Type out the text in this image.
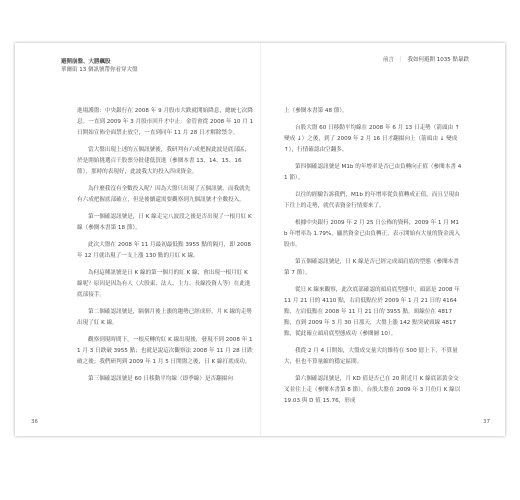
避開崩盤、大勝飆股
華爾街 13 個訊號帶你看穿大盤
前言 ｜ 我如何避開 1035 點暴跌

進場護盤：中央銀行在 2008 年 9 月股市大跌就開始降息，總統七次降息。一直到 2009 年 3 月股市回升才中止：金管會從 2008 年 10 月 1 日開始宣佈全面禁止放空，一直到同年 11 月 28 日才解除禁令。

當大盤出現上述的五個訊號後，我研判有六成把握此波是底部區，於是開始挑選百千股票分批建低買進（參閱本書 13、14、15、16 節），那時的表現好，此波我大約投入四成資金。

為什麼我沒有全數投入呢？因為大盤只出現了五個訊號，而我就先有六成把握底部確立，但是後續還需要觀察到九個訊號才全數投入。

第一個確認訊號是，日 K 線走完八波段之後是否出現了一根月紅 K 線（參閱本書第 18 節）。

此次大盤在 2008 年 11 月最初最低點 3955 點的隔月，即 2008 年 12 月就出現了一支上漲 130 點的月紅 K 線。

為何這種訊號是日 K 線的第一個月的紅 K 線，會出現一根月紅 K 線呢？原因是因為有人（大股東、法人、主力、長線投資人等）在此進底部接手。

第二個確認訊號是，隔個月後上漲的趨勢已經成形，月 K 線的走勢出現了紅 K 線。

觀察到現時間下，一根反轉的紅 K 線出現後，發現不到 2008 年 11 月 3 日跌破 3955 點；也就是說這次觀察法 2008 年 11 月 28 日跌破之後；我們研判到 2009 年 1 月 5 日開盤之後，日 K 線打底成功。

第三個確認訊號是 60 日移動平均線（即季線）是否翻揚向

上（參閱本書第 48 節）。

台股大盤 60 日移動平均線在 2008 年 6 月 13 日走勢（箭頭由 ↑ 變成 ↓）之後，到了 2009 年 2 月 16 日才翻揚向上（箭頭由 ↓ 變成 ↑），行情確認由空翻多。

第四個確認訊號是 M1b 的年增率是否已由負轉向正值（參閱本書 41 節）。

以往的經驗告訴我們，M1b 的年增率從負值轉成正值，而且呈現由下往上的走勢，就代表資金行情要來了。

根據中央銀行 2009 年 2 月 25 日公佈的資料，2009 年 1 月 M1b 年增率為 1.79%，顯然資金已由負轉正，表示開始有大量的資金流入股市。

第五個確認訊號是，日 K 線是否已經完成頭肩底的型態（參閱本書第 7 節）。

從日 K 線來觀察，此次底部確認的頭肩底型態中，頭部是 2008 年 11 月 21 日的 4110 點，右肩低點位於 2009 年 1 月 21 日的 4164 點，左肩低點在 2008 年 11 月 21 日的 3955 點。頸線位在 4817 點，直到 2009 年 3 月 30 日那天，大盤上漲 142 點突破頸線 4817 點，從此確立頭肩底型態成功（參閱圖 10）。

我從 2 月 4 日開始，大盤成交量大約維持在 500 億上下，不算量大，但也不算量縮的穩定區間。

第六個確認訊號是，月 KD 值是否已在 20 附近月 K 線底部黃金交叉並往上走（參閱本書第 8 節），台股大盤在 2009 年 3 月份月 K 線以 19.03 與 D 值 15.76，形成

36	37
